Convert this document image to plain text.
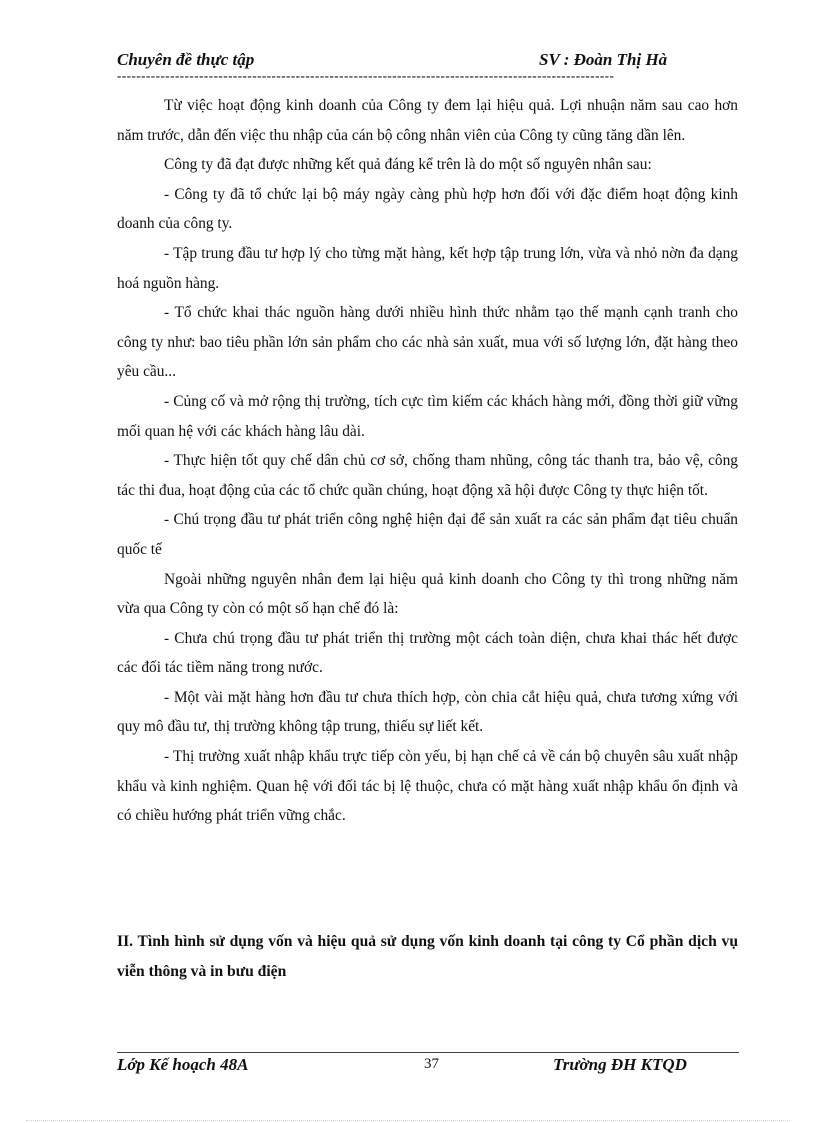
Chuyên đề thực tập	SV : Đoàn Thị Hà
-------------------------------------------------------------------------------------------------------

Từ việc hoạt động kinh doanh của Công ty đem lại hiệu quả. Lợi nhuận năm sau cao hơn năm trước, dẫn đến việc thu nhập của cán bộ công nhân viên của Công ty cũng tăng dần lên.

Công ty đã đạt được những kết quả đáng kể trên là do một số nguyên nhân sau:

- Công ty đã tổ chức lại bộ máy ngày càng phù hợp hơn đối với đặc điểm hoạt động kinh doanh của công ty.

- Tập trung đầu tư hợp lý cho từng mặt hàng, kết hợp tập trung lớn, vừa và nhỏ nờn đa dạng hoá nguồn hàng.

- Tổ chức khai thác nguồn hàng dưới nhiều hình thức nhằm tạo thế mạnh cạnh tranh cho công ty như: bao tiêu phần lớn sản phẩm cho các nhà sản xuất, mua với số lượng lớn, đặt hàng theo yêu cầu...

- Củng cố và mở rộng thị trường, tích cực tìm kiếm các khách hàng mới, đồng thời giữ vững mối quan hệ với các khách hàng lâu dài.

- Thực hiện tốt quy chế dân chủ cơ sở, chống tham nhũng, công tác thanh tra, bảo vệ, công tác thi đua, hoạt động của các tổ chức quần chúng, hoạt động xã hội được Công ty thực hiện tốt.

- Chú trọng đầu tư phát triển công nghệ hiện đại để sản xuất ra các sản phẩm đạt tiêu chuẩn quốc tế

Ngoài những nguyên nhân đem lại hiệu quả kinh doanh cho Công ty thì trong những năm vừa qua Công ty còn có một số hạn chế đó là:

- Chưa chú trọng đầu tư phát triển thị trường một cách toàn diện, chưa khai thác hết được các đối tác tiềm năng trong nước.

- Một vài mặt hàng hơn đầu tư chưa thích hợp, còn chia cắt hiệu quả, chưa tương xứng với quy mô đầu tư, thị trường không tập trung, thiếu sự liết kết.

- Thị trường xuất nhập khẩu trực tiếp còn yếu, bị hạn chế cả về cán bộ chuyên sâu xuất nhập khẩu và kinh nghiệm. Quan hệ với đối tác bị lệ thuộc, chưa có mặt hàng xuất nhập khẩu ổn định và có chiều hướng phát triển vững chắc.

II. Tình hình sử dụng vốn và hiệu quả sử dụng vốn kinh doanh tại công ty Cổ phần dịch vụ viễn thông và in bưu điện
Lớp Kế hoạch 48A	37	Trường ĐH KTQD
